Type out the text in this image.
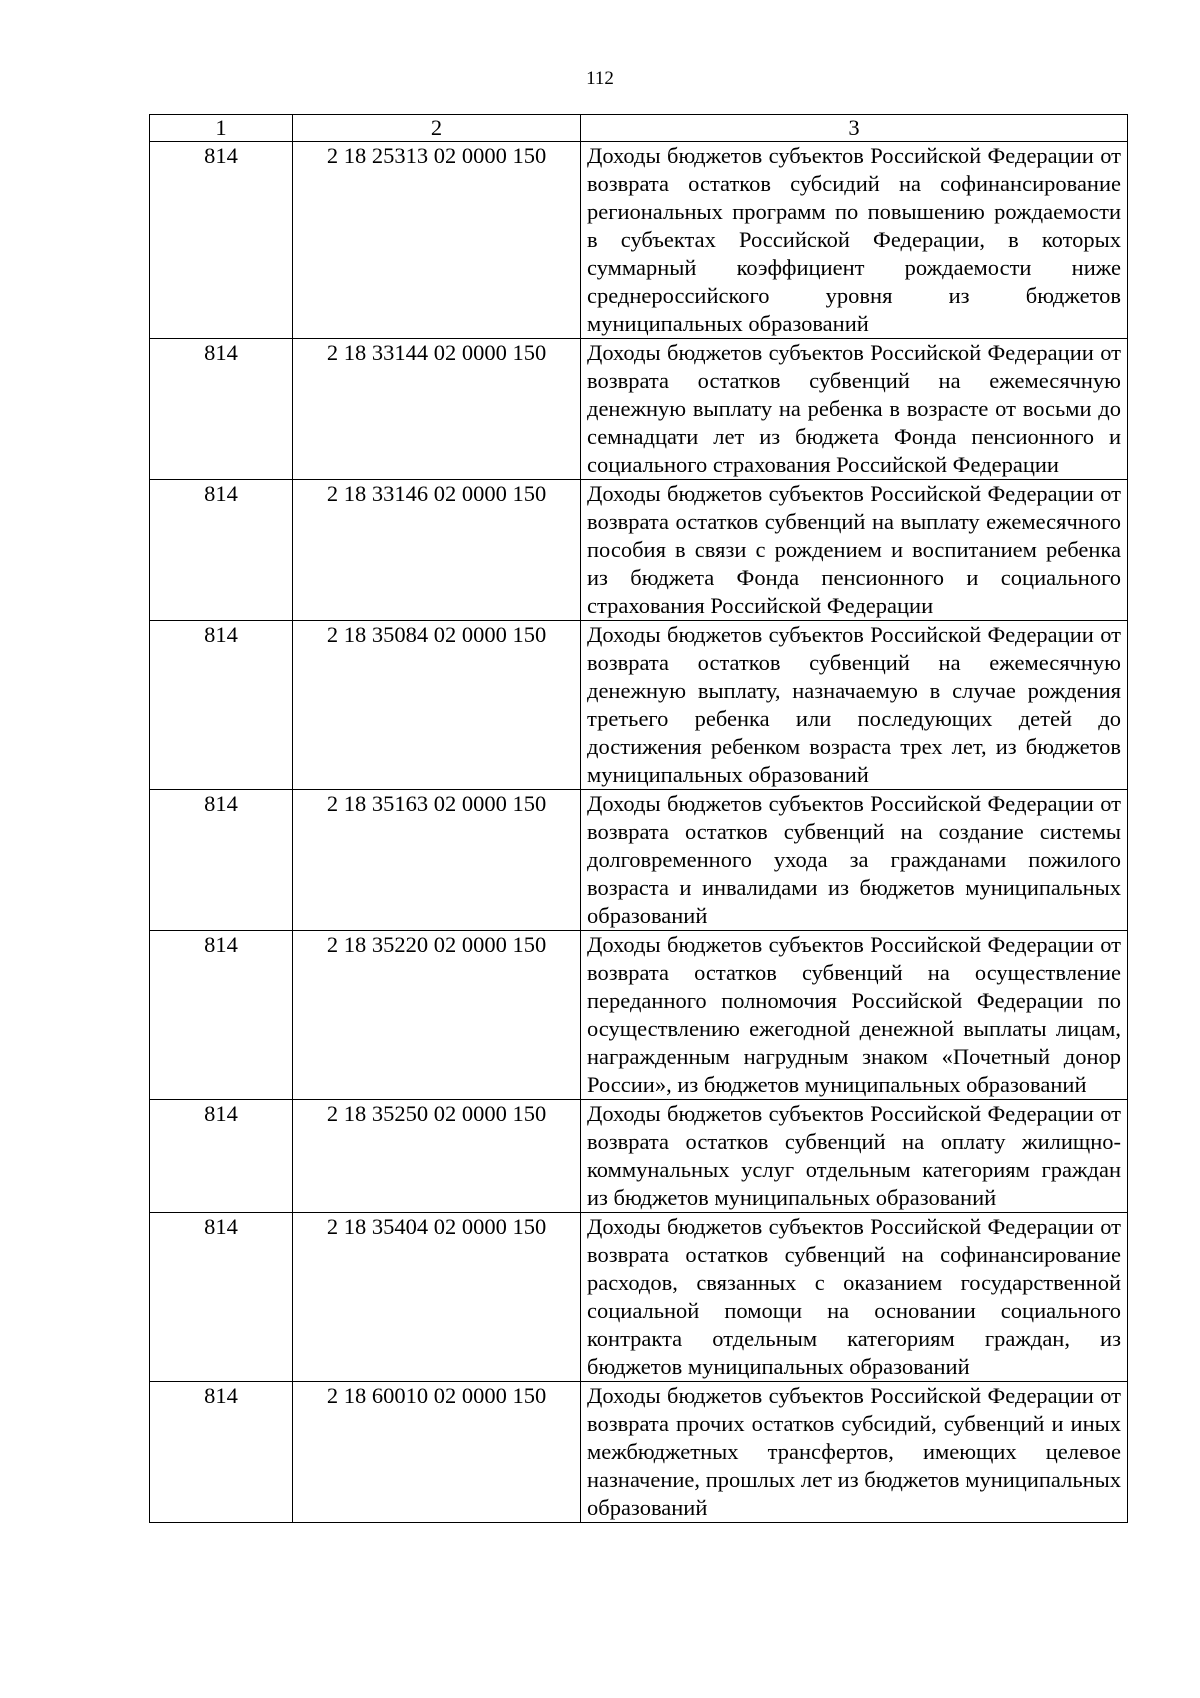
112
1	2	3
814	2 18 25313 02 0000 150	Доходы бюджетов субъектов Российской Федерации от возврата остатков субсидий на софинансирование региональных программ по повышению рождаемости в субъектах Российской Федерации, в которых суммарный коэффициент рождаемости ниже среднероссийского уровня из бюджетов муниципальных образований
814	2 18 33144 02 0000 150	Доходы бюджетов субъектов Российской Федерации от возврата остатков субвенций на ежемесячную денежную выплату на ребенка в возрасте от восьми до семнадцати лет из бюджета Фонда пенсионного и социального страхования Российской Федерации
814	2 18 33146 02 0000 150	Доходы бюджетов субъектов Российской Федерации от возврата остатков субвенций на выплату ежемесячного пособия в связи с рождением и воспитанием ребенка из бюджета Фонда пенсионного и социального страхования Российской Федерации
814	2 18 35084 02 0000 150	Доходы бюджетов субъектов Российской Федерации от возврата остатков субвенций на ежемесячную денежную выплату, назначаемую в случае рождения третьего ребенка или последующих детей до достижения ребенком возраста трех лет, из бюджетов муниципальных образований
814	2 18 35163 02 0000 150	Доходы бюджетов субъектов Российской Федерации от возврата остатков субвенций на создание системы долговременного ухода за гражданами пожилого возраста и инвалидами из бюджетов муниципальных образований
814	2 18 35220 02 0000 150	Доходы бюджетов субъектов Российской Федерации от возврата остатков субвенций на осуществление переданного полномочия Российской Федерации по осуществлению ежегодной денежной выплаты лицам, награжденным нагрудным знаком «Почетный донор России», из бюджетов муниципальных образований
814	2 18 35250 02 0000 150	Доходы бюджетов субъектов Российской Федерации от возврата остатков субвенций на оплату жилищно-коммунальных услуг отдельным категориям граждан из бюджетов муниципальных образований
814	2 18 35404 02 0000 150	Доходы бюджетов субъектов Российской Федерации от возврата остатков субвенций на софинансирование расходов, связанных с оказанием государственной социальной помощи на основании социального контракта отдельным категориям граждан, из бюджетов муниципальных образований
814	2 18 60010 02 0000 150	Доходы бюджетов субъектов Российской Федерации от возврата прочих остатков субсидий, субвенций и иных межбюджетных трансфертов, имеющих целевое назначение, прошлых лет из бюджетов муниципальных образований
